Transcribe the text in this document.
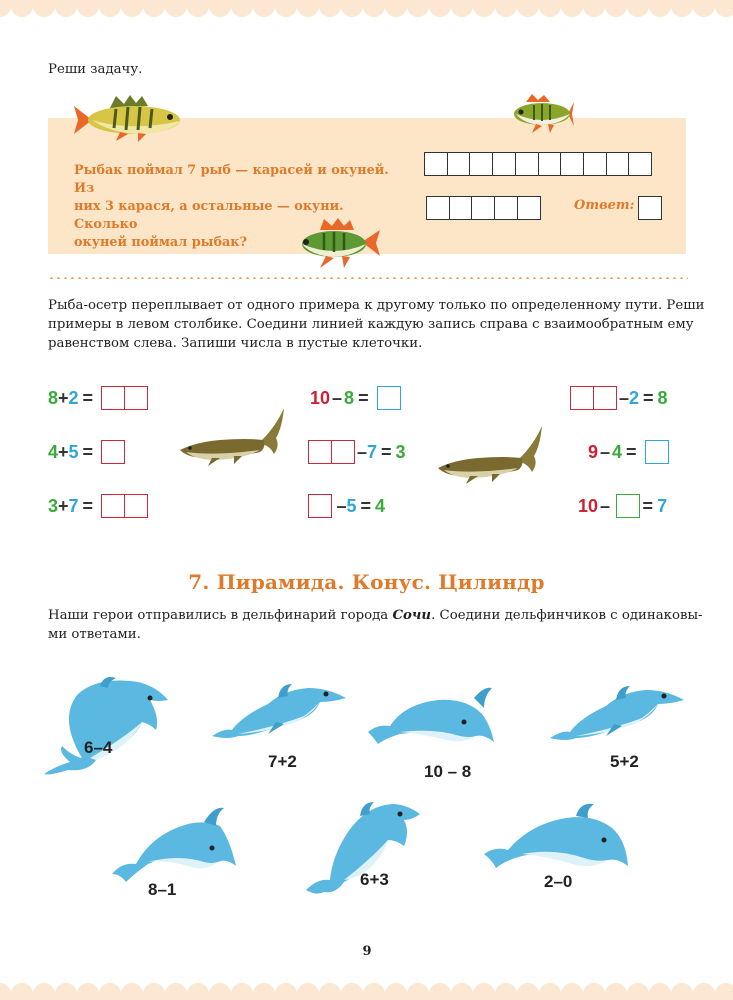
Реши задачу.
Рыбак поймал 7 рыб — карасей и окуней. Из
них 3 карася, а остальные — окуни. Сколько
окуней поймал рыбак?
Ответ:
Рыба-осетр переплывает от одного примера к другому только по определенному пути. Реши
примеры в левом столбике. Соедини линией каждую запись справа с взаимообратным ему
равенством слева. Запиши числа в пустые клеточки.
8 + 2 =
4 + 5 =
3 + 7 =
10 – 8 =
– 7 = 3
– 5 = 4
– 2 = 8
9 – 4 =
10 – = 7
7. Пирамида. Конус. Цилиндр
Наши герои отправились в дельфинарий города Сочи. Соедини дельфинчиков с одинаковы-
ми ответами.
6–4
7+2
10 – 8
5+2
8–1
6+3	2–0
9
